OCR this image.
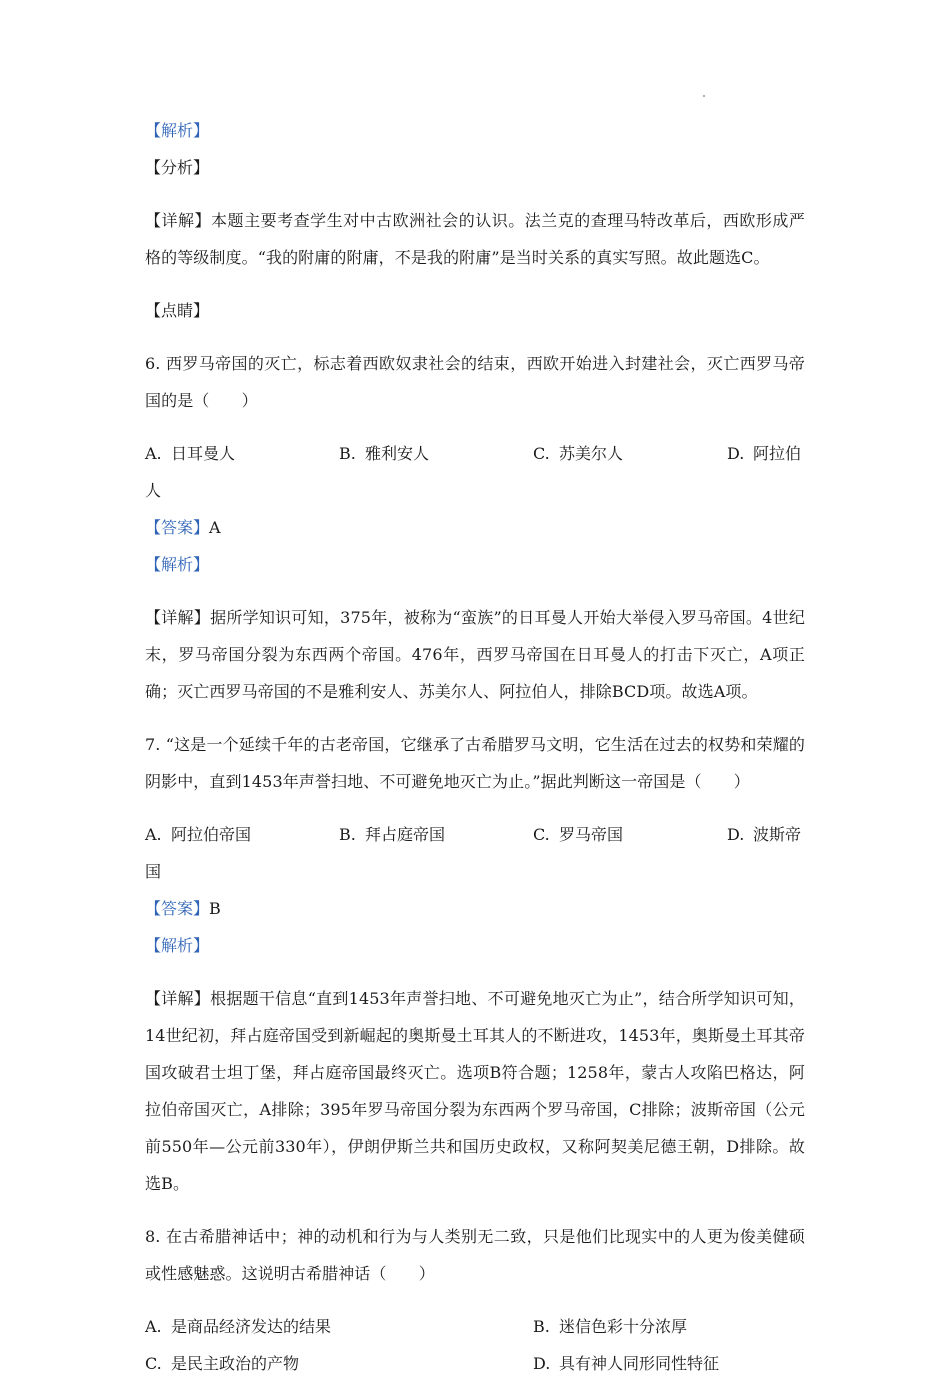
【解析】

【分析】

【详解】本题主要考查学生对中古欧洲社会的认识。法兰克的查理马特改革后，西欧形成严格的等级制度。“我的附庸的附庸，不是我的附庸”是当时关系的真实写照。故此题选C。

【点睛】

6. 西罗马帝国的灭亡，标志着西欧奴隶社会的结束，西欧开始进入封建社会，灭亡西罗马帝国的是（　　）

A. 日耳曼人	B. 雅利安人	C. 苏美尔人	D. 阿拉伯

人

【答案】A

【解析】

【详解】据所学知识可知，375年，被称为“蛮族”的日耳曼人开始大举侵入罗马帝国。4世纪末，罗马帝国分裂为东西两个帝国。476年，西罗马帝国在日耳曼人的打击下灭亡，A项正确；灭亡西罗马帝国的不是雅利安人、苏美尔人、阿拉伯人，排除BCD项。故选A项。

7. “这是一个延续千年的古老帝国，它继承了古希腊罗马文明，它生活在过去的权势和荣耀的阴影中，直到1453年声誉扫地、不可避免地灭亡为止。”据此判断这一帝国是（　　）

A. 阿拉伯帝国	B. 拜占庭帝国	C. 罗马帝国	D. 波斯帝

国

【答案】B

【解析】

【详解】根据题干信息“直到1453年声誉扫地、不可避免地灭亡为止”，结合所学知识可知，14世纪初，拜占庭帝国受到新崛起的奥斯曼土耳其人的不断进攻，1453年，奥斯曼土耳其帝国攻破君士坦丁堡，拜占庭帝国最终灭亡。选项B符合题；1258年，蒙古人攻陷巴格达，阿拉伯帝国灭亡，A排除；395年罗马帝国分裂为东西两个罗马帝国，C排除；波斯帝国（公元前550年—公元前330年），伊朗伊斯兰共和国历史政权，又称阿契美尼德王朝，D排除。故选B。

8. 在古希腊神话中；神的动机和行为与人类别无二致，只是他们比现实中的人更为俊美健硕或性感魅惑。这说明古希腊神话（　　）

A. 是商品经济发达的结果	B. 迷信色彩十分浓厚
C. 是民主政治的产物	D. 具有神人同形同性特征
